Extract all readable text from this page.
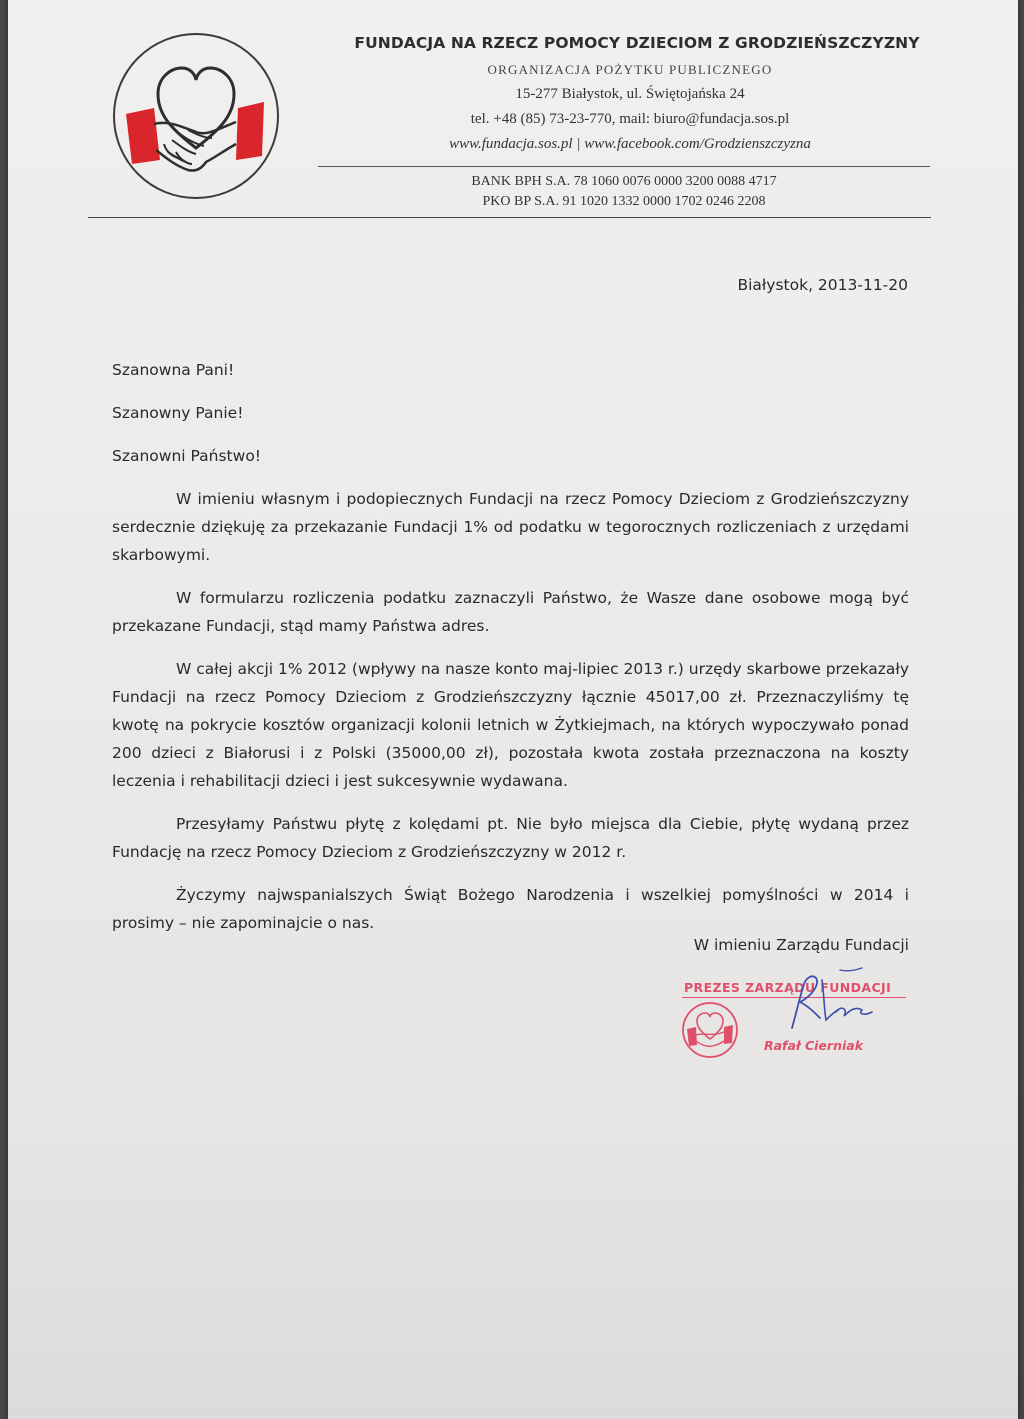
FUNDACJA NA RZECZ POMOCY DZIECIOM Z GRODZIEŃSZCZYZNY
ORGANIZACJA POŻYTKU PUBLICZNEGO
15-277 Białystok, ul. Świętojańska 24
tel. +48 (85) 73-23-770, mail: biuro@fundacja.sos.pl
www.fundacja.sos.pl | www.facebook.com/Grodzienszczyzna
BANK BPH S.A. 78 1060 0076 0000 3200 0088 4717
PKO BP S.A. 91 1020 1332 0000 1702 0246 2208
Białystok, 2013-11-20

Szanowna Pani!

Szanowny Panie!

Szanowni Państwo!

W imieniu własnym i podopiecznych Fundacji na rzecz Pomocy Dzieciom z Grodzieńszczyzny serdecznie dziękuję za przekazanie Fundacji 1% od podatku w tegorocznych rozliczeniach z urzędami skarbowymi.

W formularzu rozliczenia podatku zaznaczyli Państwo, że Wasze dane osobowe mogą być przekazane Fundacji, stąd mamy Państwa adres.

W całej akcji 1% 2012 (wpływy na nasze konto maj-lipiec 2013 r.) urzędy skarbowe przekazały Fundacji na rzecz Pomocy Dzieciom z Grodzieńszczyzny łącznie 45017,00 zł. Przeznaczyliśmy tę kwotę na pokrycie kosztów organizacji kolonii letnich w Żytkiejmach, na których wypoczywało ponad 200 dzieci z Białorusi i z Polski (35000,00 zł), pozostała kwota została przeznaczona na koszty leczenia i rehabilitacji dzieci i jest sukcesywnie wydawana.

Przesyłamy Państwu płytę z kolędami pt. Nie było miejsca dla Ciebie, płytę wydaną przez Fundację na rzecz Pomocy Dzieciom z Grodzieńszczyzny w 2012 r.

Życzymy najwspanialszych Świąt Bożego Narodzenia i wszelkiej pomyślności w 2014 i prosimy – nie zapominajcie o nas.

W imieniu Zarządu Fundacji
PREZES ZARZĄDU FUNDACJI
Rafał Cierniak
